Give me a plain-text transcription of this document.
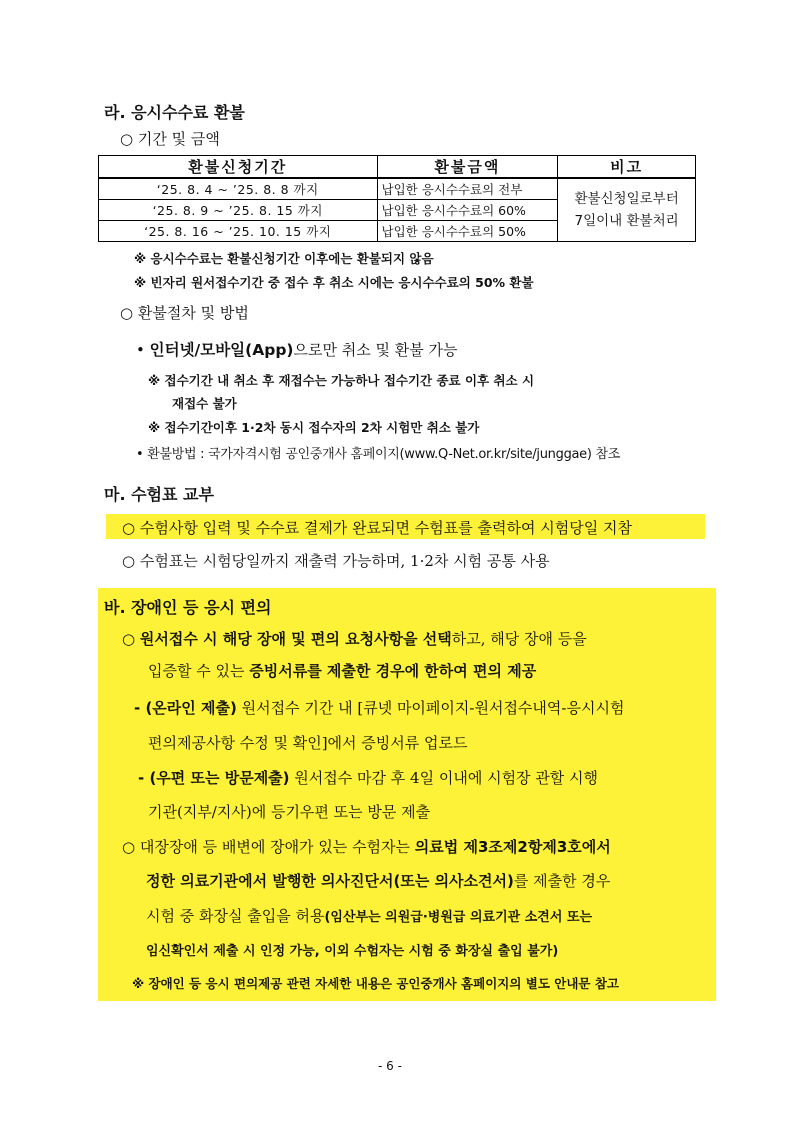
라. 응시수수료 환불
○ 기간 및 금액
환불신청기간	환불금액	비고
‘25. 8. 4 ~ ’25. 8. 8 까지	납입한 응시수수료의 전부	환불신청일로부터
7일이내 환불처리

‘25. 8. 9 ~ ’25. 8. 15 까지	납입한 응시수수료의 60%	
‘25. 8. 16 ~ ’25. 10. 15 까지	납입한 응시수수료의 50%	
※ 응시수수료는 환불신청기간 이후에는 환불되지 않음
※ 빈자리 원서접수기간 중 접수 후 취소 시에는 응시수수료의 50% 환불
○ 환불절차 및 방법
• 인터넷/모바일(App)으로만 취소 및 환불 가능
※ 접수기간 내 취소 후 재접수는 가능하나 접수기간 종료 이후 취소 시
재접수 불가
※ 접수기간이후 1·2차 동시 접수자의 2차 시험만 취소 불가
• 환불방법 : 국가자격시험 공인중개사 홈페이지(www.Q-Net.or.kr/site/junggae) 참조
마. 수험표 교부
○ 수험사항 입력 및 수수료 결제가 완료되면 수험표를 출력하여 시험당일 지참
○ 수험표는 시험당일까지 재출력 가능하며, 1·2차 시험 공통 사용
바. 장애인 등 응시 편의
○ 원서접수 시 해당 장애 및 편의 요청사항을 선택하고, 해당 장애 등을
입증할 수 있는 증빙서류를 제출한 경우에 한하여 편의 제공
- (온라인 제출) 원서접수 기간 내 [큐넷 마이페이지-원서접수내역-응시시험
편의제공사항 수정 및 확인]에서 증빙서류 업로드
- (우편 또는 방문제출) 원서접수 마감 후 4일 이내에 시험장 관할 시행
기관(지부/지사)에 등기우편 또는 방문 제출
○ 대장장애 등 배변에 장애가 있는 수험자는 의료법 제3조제2항제3호에서
정한 의료기관에서 발행한 의사진단서(또는 의사소견서)를 제출한 경우
시험 중 화장실 출입을 허용(임산부는 의원급·병원급 의료기관 소견서 또는
임신확인서 제출 시 인정 가능, 이외 수험자는 시험 중 화장실 출입 불가)
※ 장애인 등 응시 편의제공 관련 자세한 내용은 공인중개사 홈페이지의 별도 안내문 참고
- 6 -
